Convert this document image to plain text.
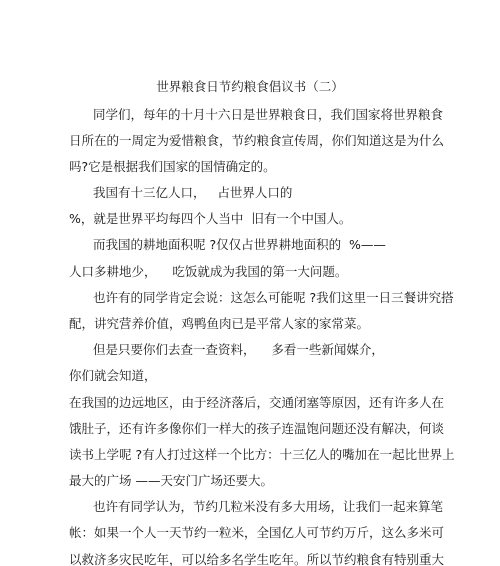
世界粮食日节约粮食倡议书（二）
同学们，每年的十月十六日是世界粮食日，我们国家将世界粮食
日所在的一周定为爱惜粮食，节约粮食宣传周，你们知道这是为什么
吗?它是根据我们国家的国情确定的。
我国有十三亿人口，   占世界人口的
%，就是世界平均每四个人当中  旧有一个中国人。
而我国的耕地面积呢 ?仅仅占世界耕地面积的  %——
人口多耕地少，    吃饭就成为我国的第一大问题。
也许有的同学肯定会说：这怎么可能呢 ?我们这里一日三餐讲究搭
配，讲究营养价值，鸡鸭鱼肉已是平常人家的家常菜。
但是只要你们去查一查资料，    多看一些新闻媒介，
你们就会知道，
在我国的边远地区，由于经济落后，交通闭塞等原因，还有许多人在
饿肚子，还有许多像你们一样大的孩子连温饱问题还没有解决，何谈
读书上学呢 ?有人打过这样一个比方：十三亿人的嘴加在一起比世界上
最大的广场 ——天安门广场还要大。
也许有同学认为，节约几粒米没有多大用场，让我们一起来算笔
帐：如果一个人一天节约一粒米，全国亿人可节约万斤，这么多米可
以救济多灾民吃年，可以给多名学生吃年。所以节约粮食有特别重大
